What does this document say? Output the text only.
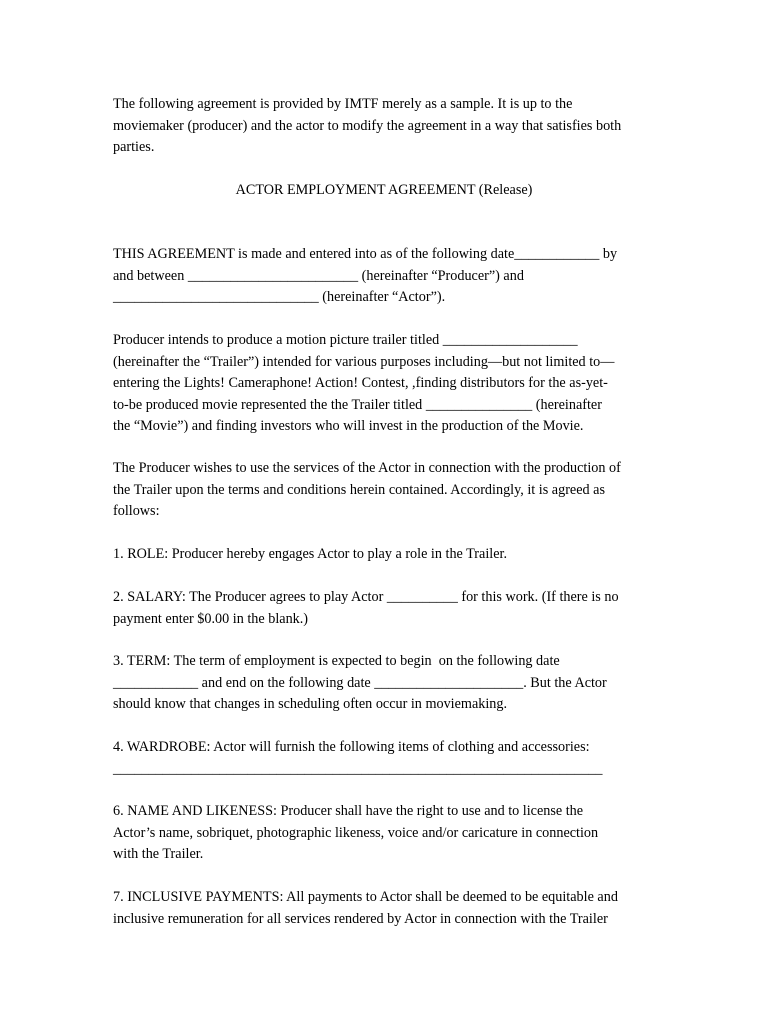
The following agreement is provided by IMTF merely as a sample. It is up to the
moviemaker (producer) and the actor to modify the agreement in a way that satisfies both
parties.
ACTOR EMPLOYMENT AGREEMENT (Release)
THIS AGREEMENT is made and entered into as of the following date____________ by
and between ________________________ (hereinafter “Producer”) and
_____________________________ (hereinafter “Actor”).
Producer intends to produce a motion picture trailer titled ___________________
(hereinafter the “Trailer”) intended for various purposes including—but not limited to—
entering the Lights! Cameraphone! Action! Contest, ,finding distributors for the as-yet-
to-be produced movie represented the the Trailer titled _______________ (hereinafter
the “Movie”) and finding investors who will invest in the production of the Movie.
The Producer wishes to use the services of the Actor in connection with the production of
the Trailer upon the terms and conditions herein contained. Accordingly, it is agreed as
follows:
1. ROLE: Producer hereby engages Actor to play a role in the Trailer.
2. SALARY: The Producer agrees to play Actor __________ for this work. (If there is no
payment enter $0.00 in the blank.)
3. TERM: The term of employment is expected to begin  on the following date
____________ and end on the following date _____________________. But the Actor
should know that changes in scheduling often occur in moviemaking.
4. WARDROBE: Actor will furnish the following items of clothing and accessories:
_____________________________________________________________________
6. NAME AND LIKENESS: Producer shall have the right to use and to license the
Actor’s name, sobriquet, photographic likeness, voice and/or caricature in connection
with the Trailer.
7. INCLUSIVE PAYMENTS: All payments to Actor shall be deemed to be equitable and
inclusive remuneration for all services rendered by Actor in connection with the Trailer
